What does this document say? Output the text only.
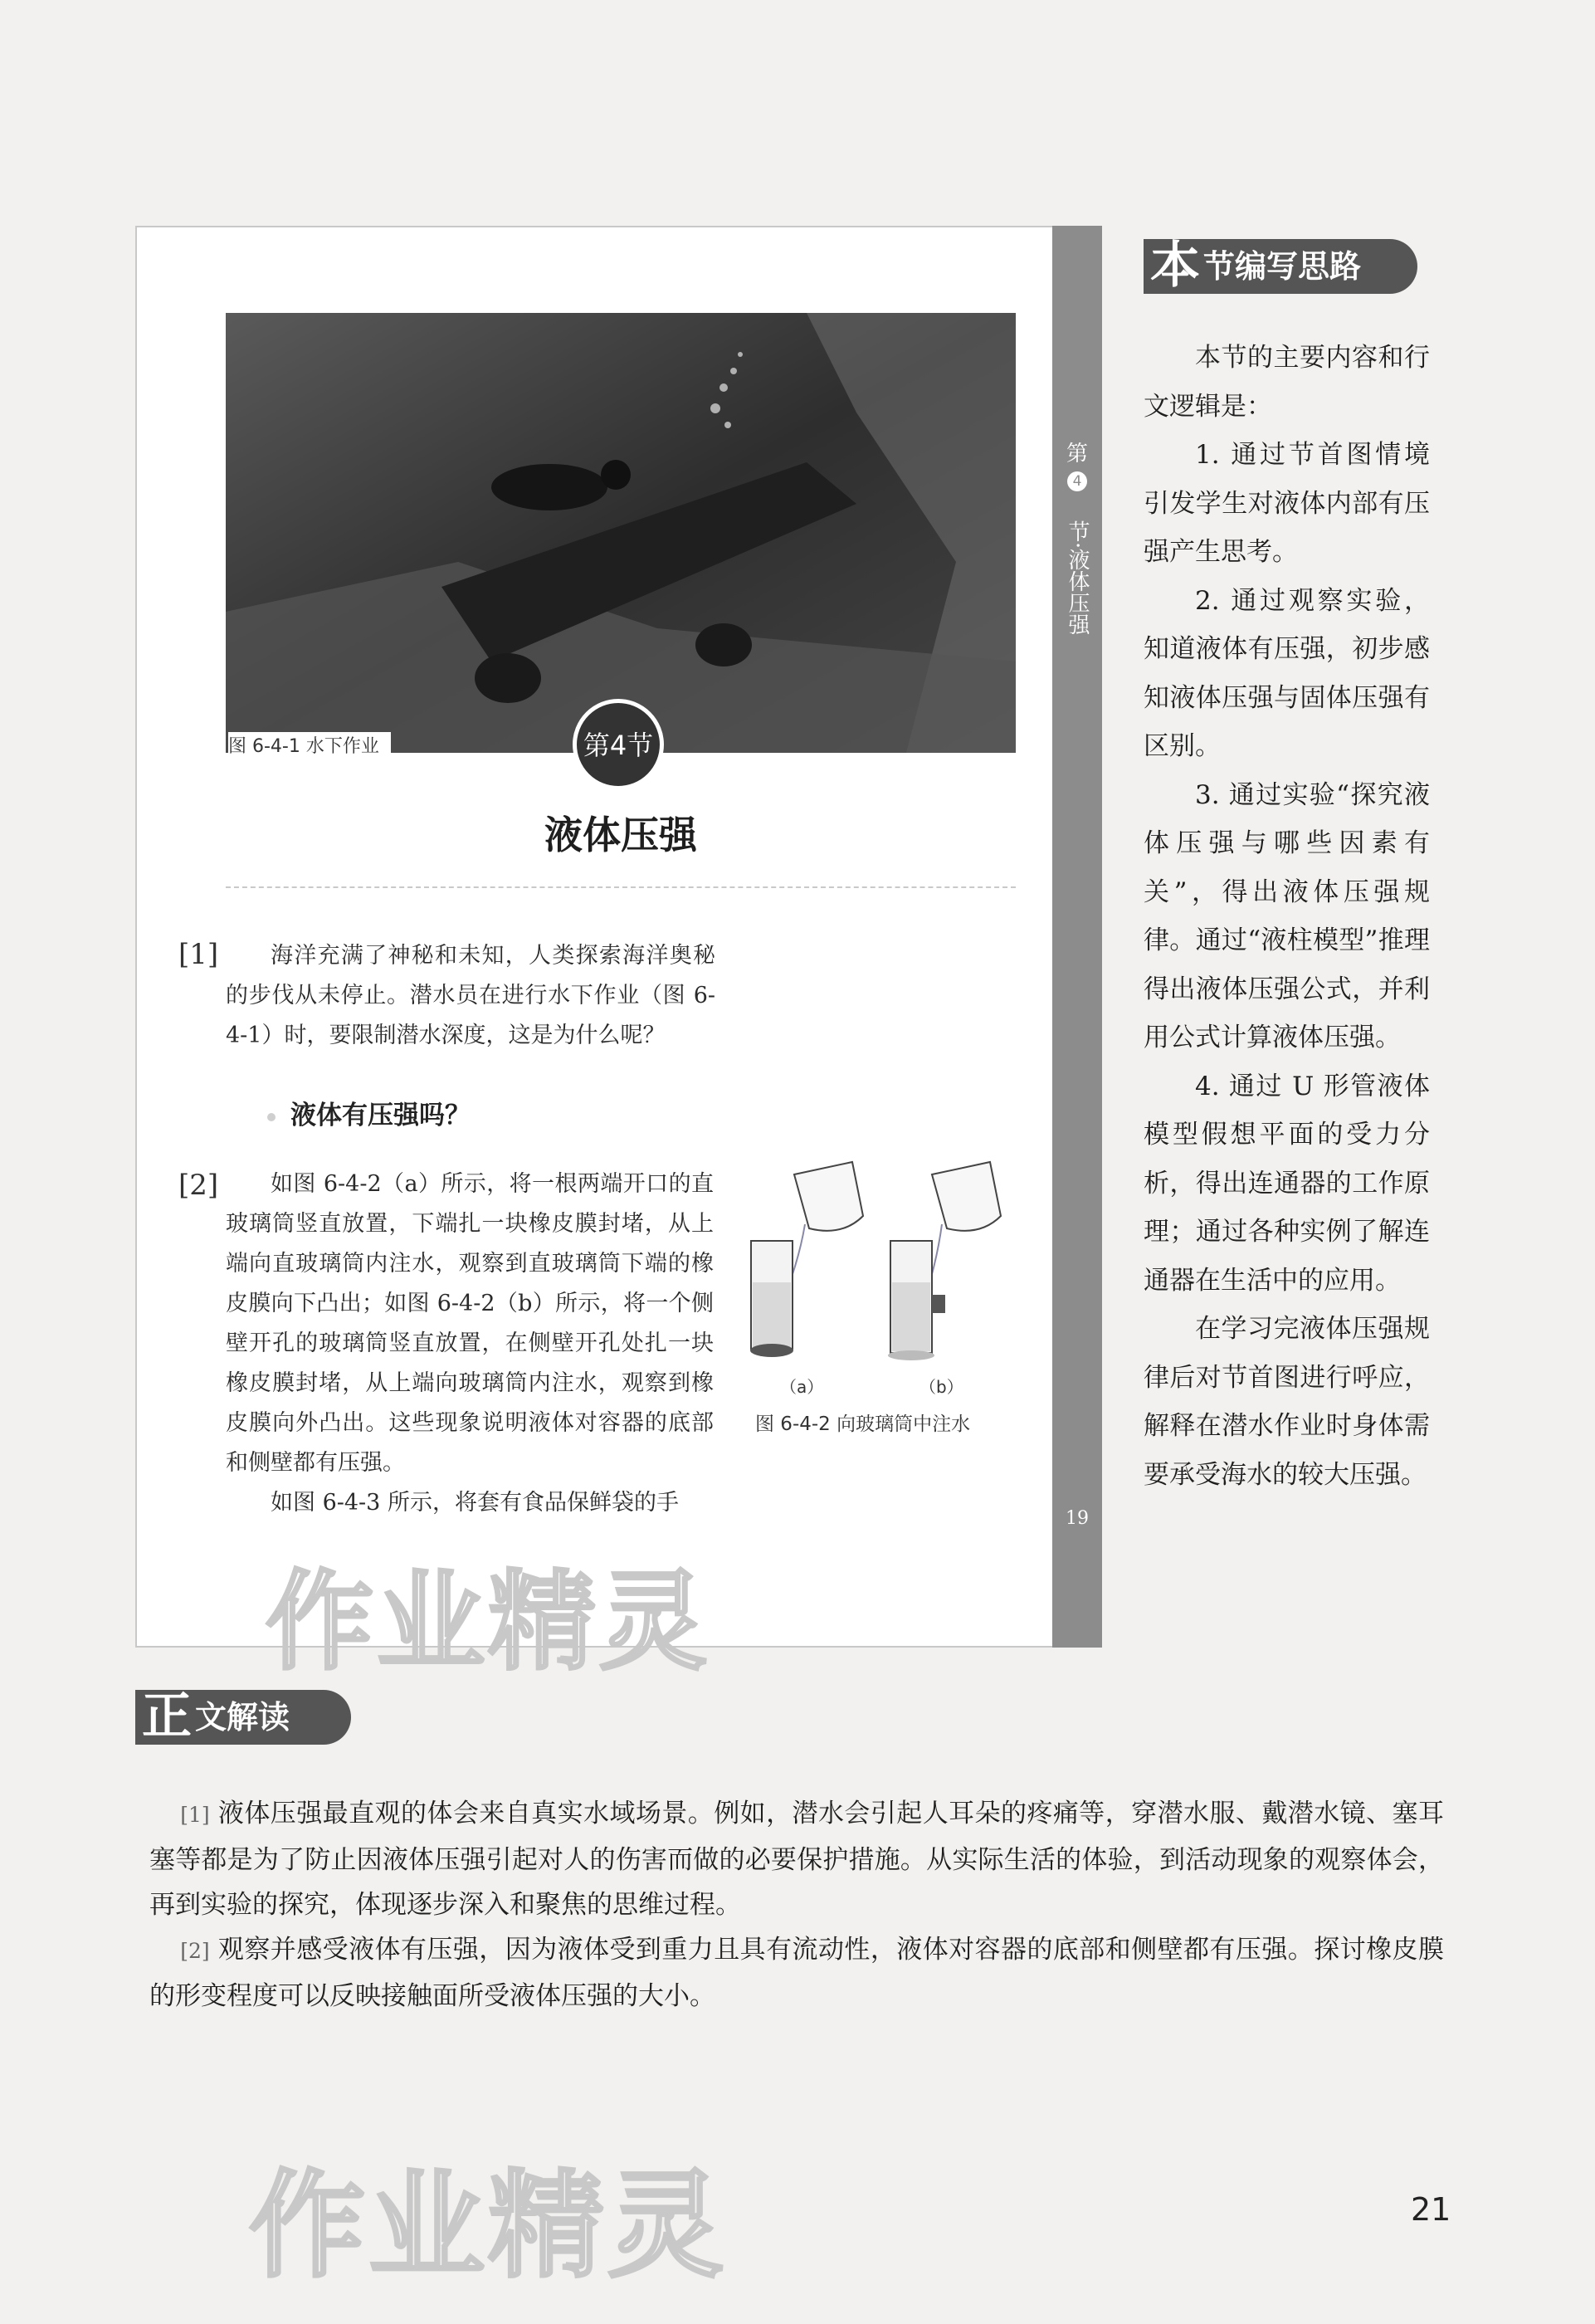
图 6-4-1 水下作业	第4节
液体压强
第
4
节·液体压强
19
[1]	海洋充满了神秘和未知，人类探索海洋奥秘的步伐从未停止。潜水员在进行水下作业（图 6-4-1）时，要限制潜水深度，这是为什么呢？
液体有压强吗？
[2]	如图 6-4-2（a）所示，将一根两端开口的直玻璃筒竖直放置，下端扎一块橡皮膜封堵，从上端向直玻璃筒内注水，观察到直玻璃筒下端的橡皮膜向下凸出；如图 6-4-2（b）所示，将一个侧壁开孔的玻璃筒竖直放置，在侧壁开孔处扎一块橡皮膜封堵，从上端向玻璃筒内注水，观察到橡皮膜向外凸出。这些现象说明液体对容器的底部和侧壁都有压强。
如图 6-4-3 所示，将套有食品保鲜袋的手
（a）	（b）
图 6-4-2 向玻璃筒中注水
作业精灵
作业精灵
本 节编写思路

本节的主要内容和行文逻辑是：

1. 通过节首图情境引发学生对液体内部有压强产生思考。

2. 通过观察实验，知道液体有压强，初步感知液体压强与固体压强有区别。

3. 通过实验“探究液体压强与哪些因素有关”，得出液体压强规律。通过“液柱模型”推理得出液体压强公式，并利用公式计算液体压强。

4. 通过 U 形管液体模型假想平面的受力分析，得出连通器的工作原理；通过各种实例了解连通器在生活中的应用。

在学习完液体压强规律后对节首图进行呼应，解释在潜水作业时身体需要承受海水的较大压强。

正 文解读

[1] 液体压强最直观的体会来自真实水域场景。例如，潜水会引起人耳朵的疼痛等，穿潜水服、戴潜水镜、塞耳塞等都是为了防止因液体压强引起对人的伤害而做的必要保护措施。从实际生活的体验，到活动现象的观察体会，再到实验的探究，体现逐步深入和聚焦的思维过程。

[2] 观察并感受液体有压强，因为液体受到重力且具有流动性，液体对容器的底部和侧壁都有压强。探讨橡皮膜的形变程度可以反映接触面所受液体压强的大小。

21
